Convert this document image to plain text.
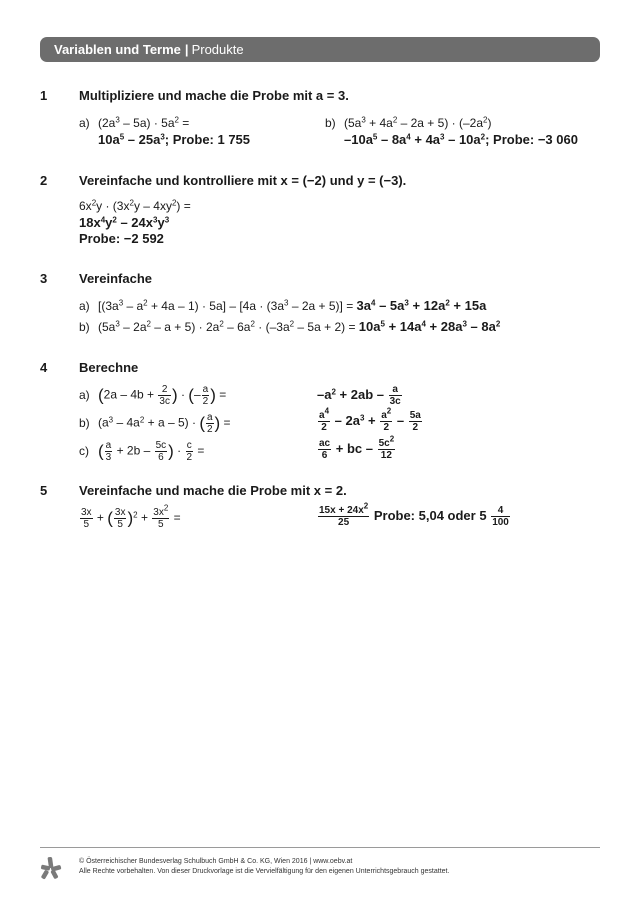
Variablen und Terme | Produkte
1 Multipliziere und mache die Probe mit a = 3.
a) $(2a^3 - 5a) \cdot 5a^2$ =
$10a^5 - 25a^3$; Probe: 1 755
b) $(5a^3 + 4a^2 - 2a + 5) \cdot (-2a^2)$
$-10a^5 - 8a^4 + 4a^3 - 10a^2$; Probe: −3 060
2 Vereinfache und kontrolliere mit x = (−2) und y = (−3).
$6x^2y \cdot (3x^2y - 4xy^2)$ =
$18x^4y^2 - 24x^3y^3$
Probe: −2 592
3 Vereinfache
a) $[(3a^3 - a^2 + 4a - 1) \cdot 5a] - [4a \cdot (3a^3 - 2a + 5)] = 3a^4 - 5a^3 + 12a^2 + 15a$
b) $(5a^3 - 2a^2 - a + 5) \cdot 2a^2 - 6a^2 \cdot (-3a^2 - 5a + 2) = 10a^5 + 14a^4 + 28a^3 - 8a^2$
4 Berechne
a) ($2a - 4b + \frac{2}{3c}$ ) · (– $\frac{a}{2}$ ) =	$-a^2 + 2ab - \frac{a}{3c}$
b) $(a^3 - 4a^2 + a - 5)$ · ( $\frac{a}{2}$ ) =	$\frac{a^4}{2} - 2a^3 + \frac{a^2}{2} - \frac{5a}{2}$
c) ( $\frac{a}{3} + 2b - \frac{5c}{6}$ ) · $\frac{c}{2}$ =	$\frac{ac}{6}$ + bc – $\frac{5c^2}{12}$
5 Vereinfache und mache die Probe mit x = 2.
$\frac{3x}{5}$ + ( $\frac{3x}{5} )^2 + \frac{3x^2}{5}$ =	$\frac{15x + 24x^2}{25}$ Probe: 5,04 oder $5 \frac{4}{100}$
© Österreichischer Bundesverlag Schulbuch GmbH & Co. KG, Wien 2016 | www.oebv.at
Alle Rechte vorbehalten. Von dieser Druckvorlage ist die Vervielfältigung für den eigenen Unterrichtsgebrauch gestattet.
